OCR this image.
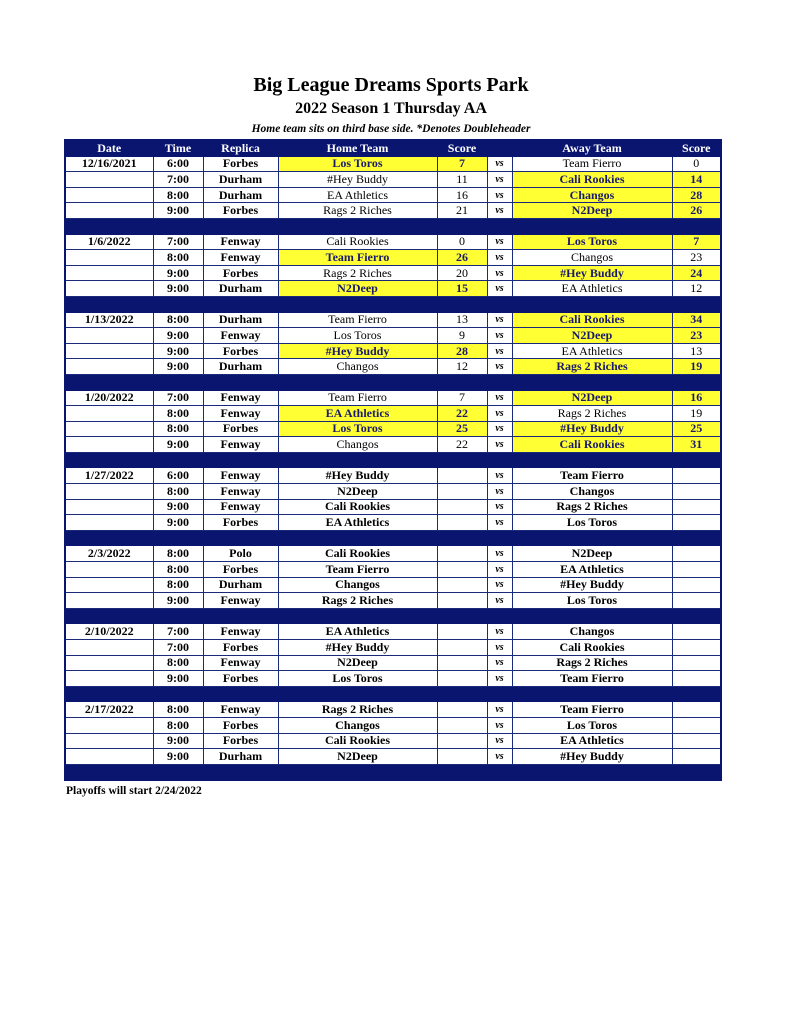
Big League Dreams Sports Park
2022 Season 1 Thursday AA
Home team sits on third base side. *Denotes Doubleheader
Date	Time	Replica	Home Team	Score		Away Team	Score
12/16/2021	6:00	Forbes	Los Toros	7	vs	Team Fierro	0
	7:00	Durham	#Hey Buddy	11	vs	Cali Rookies	14
	8:00	Durham	EA Athletics	16	vs	Changos	28
	9:00	Forbes	Rags 2 Riches	21	vs	N2Deep	26

1/6/2022	7:00	Fenway	Cali Rookies	0	vs	Los Toros	7
	8:00	Fenway	Team Fierro	26	vs	Changos	23
	9:00	Forbes	Rags 2 Riches	20	vs	#Hey Buddy	24
	9:00	Durham	N2Deep	15	vs	EA Athletics	12

1/13/2022	8:00	Durham	Team Fierro	13	vs	Cali Rookies	34
	9:00	Fenway	Los Toros	9	vs	N2Deep	23
	9:00	Forbes	#Hey Buddy	28	vs	EA Athletics	13
	9:00	Durham	Changos	12	vs	Rags 2 Riches	19

1/20/2022	7:00	Fenway	Team Fierro	7	vs	N2Deep	16
	8:00	Fenway	EA Athletics	22	vs	Rags 2 Riches	19
	8:00	Forbes	Los Toros	25	vs	#Hey Buddy	25
	9:00	Fenway	Changos	22	vs	Cali Rookies	31

1/27/2022	6:00	Fenway	#Hey Buddy		vs	Team Fierro	
	8:00	Fenway	N2Deep		vs	Changos	
	9:00	Fenway	Cali Rookies		vs	Rags 2 Riches	
	9:00	Forbes	EA Athletics		vs	Los Toros	

2/3/2022	8:00	Polo	Cali Rookies		vs	N2Deep	
	8:00	Forbes	Team Fierro		vs	EA Athletics	
	8:00	Durham	Changos		vs	#Hey Buddy	
	9:00	Fenway	Rags 2 Riches		vs	Los Toros	

2/10/2022	7:00	Fenway	EA Athletics		vs	Changos	
	7:00	Forbes	#Hey Buddy		vs	Cali Rookies	
	8:00	Fenway	N2Deep		vs	Rags 2 Riches	
	9:00	Forbes	Los Toros		vs	Team Fierro	

2/17/2022	8:00	Fenway	Rags 2 Riches		vs	Team Fierro	
	8:00	Forbes	Changos		vs	Los Toros	
	9:00	Forbes	Cali Rookies		vs	EA Athletics	
	9:00	Durham	N2Deep		vs	#Hey Buddy	

Playoffs will start 2/24/2022
